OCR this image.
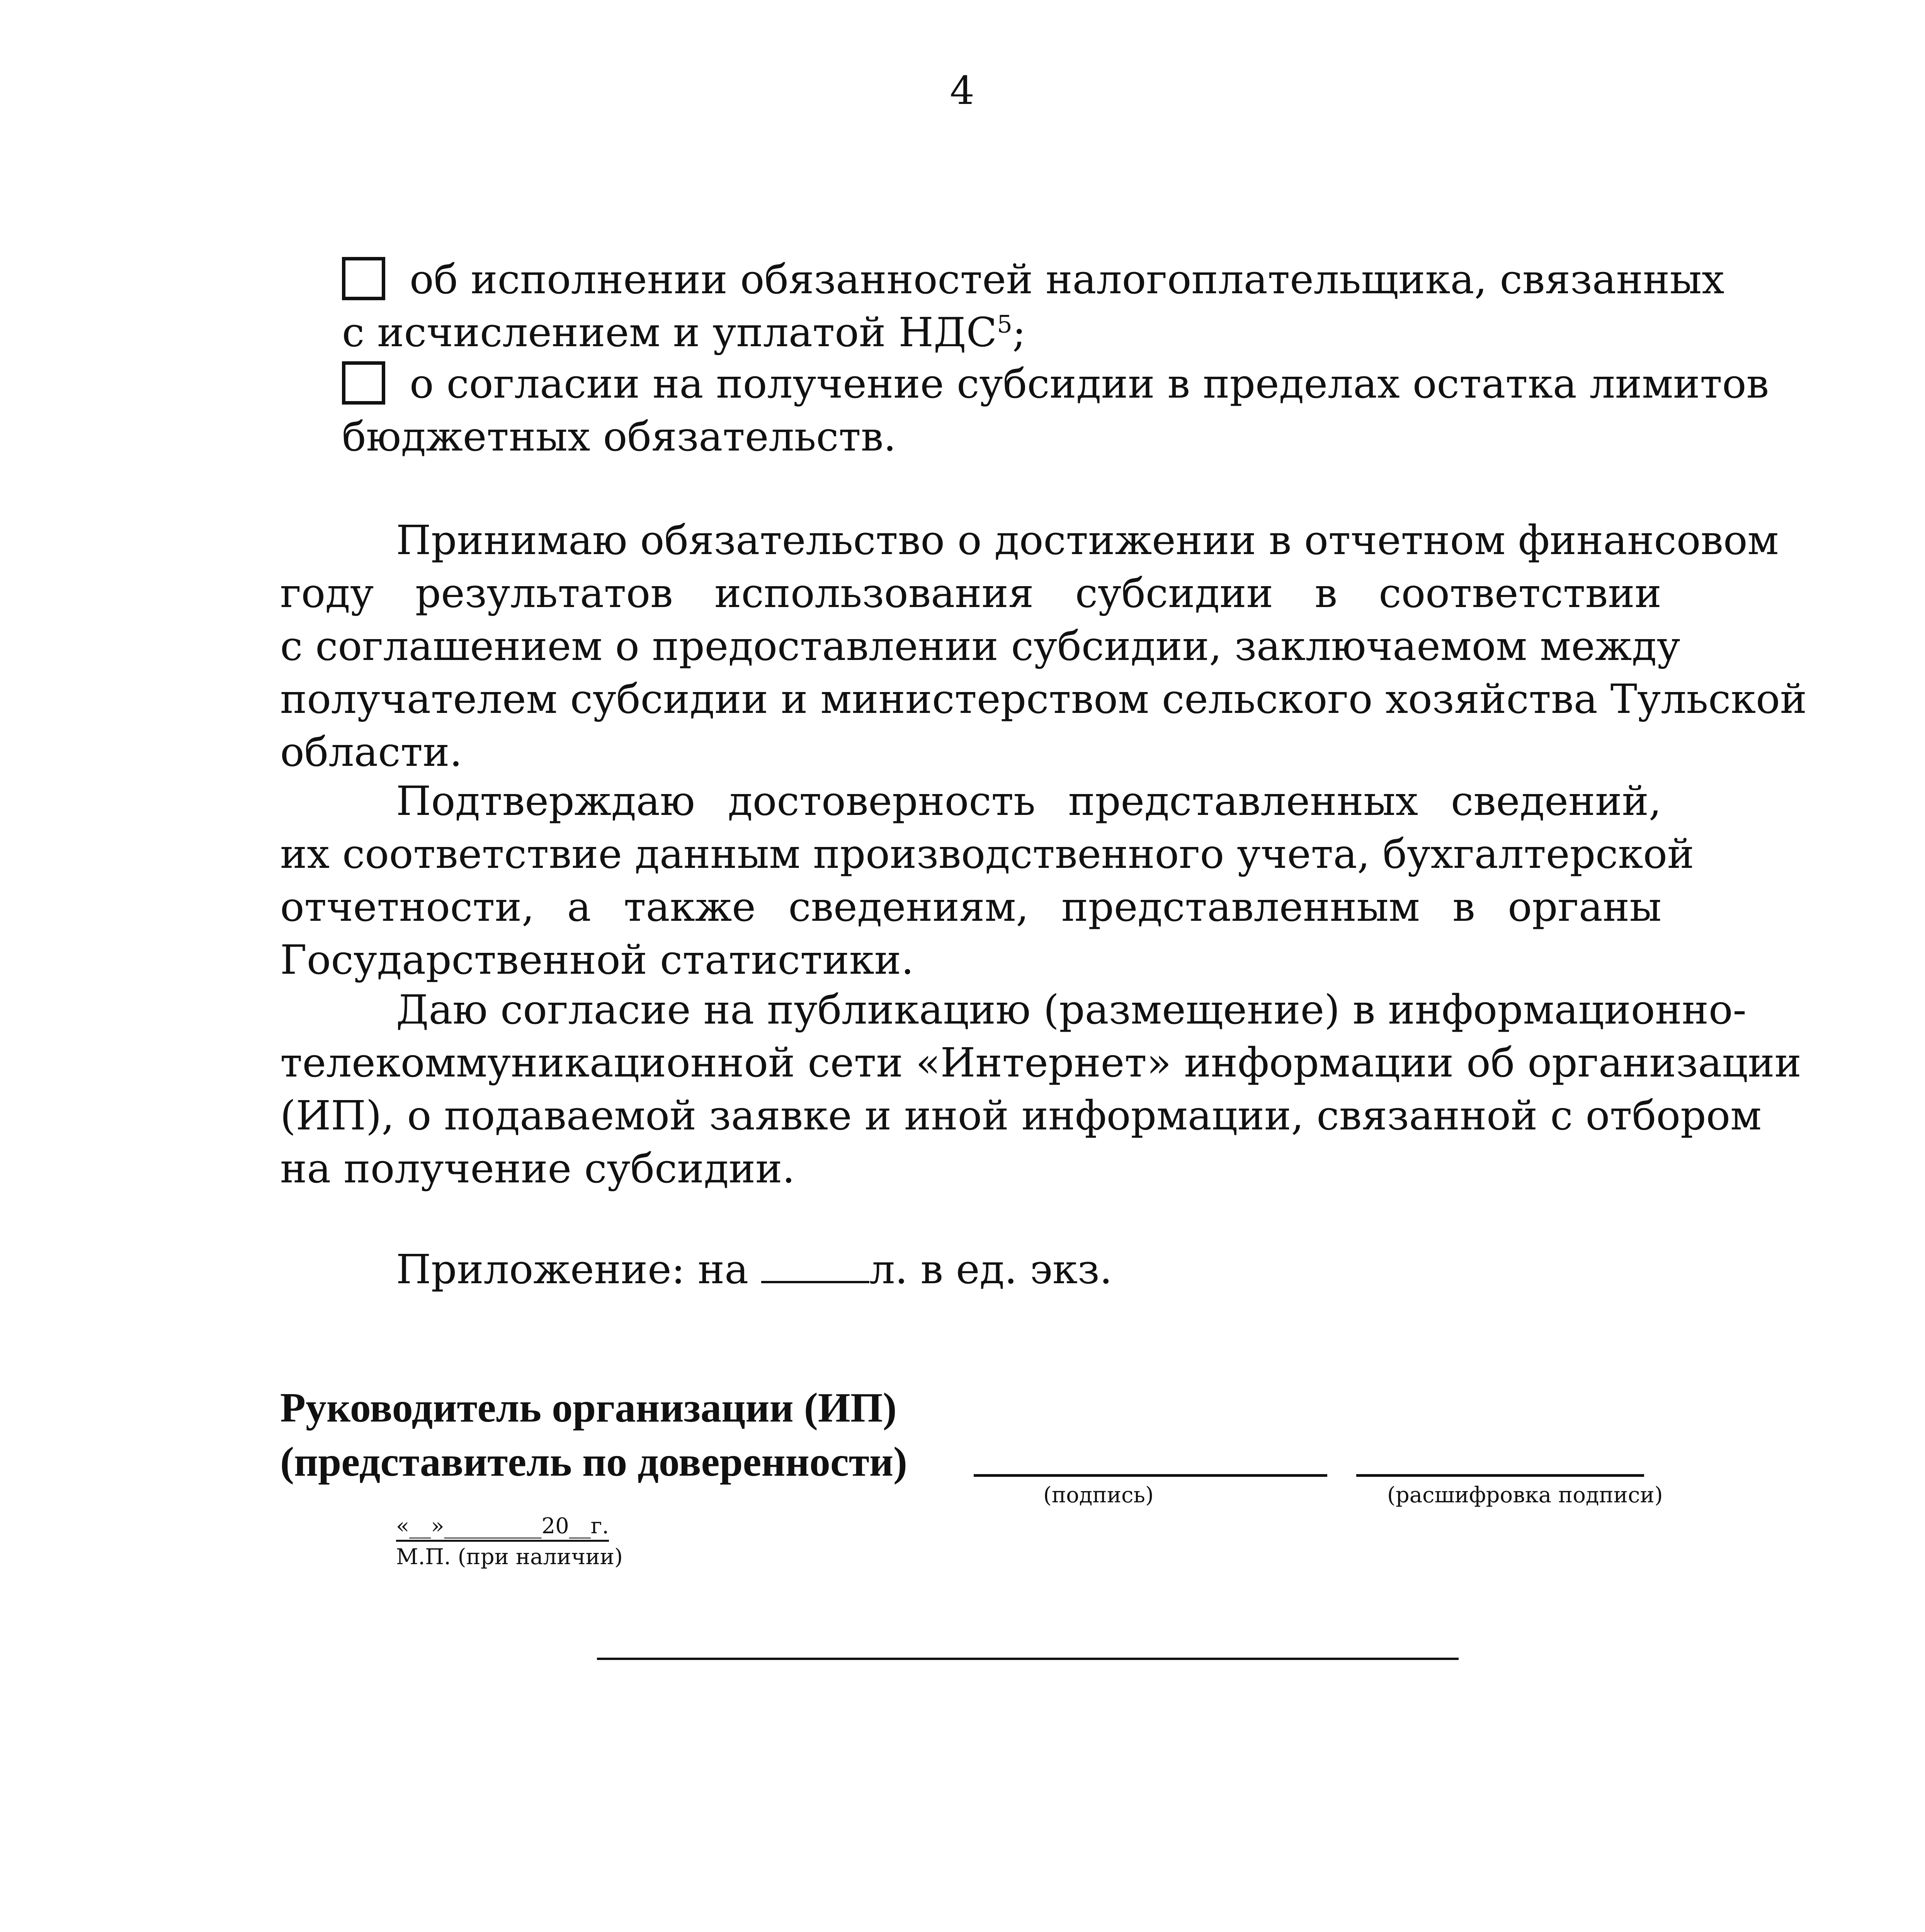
4
об исполнении обязанностей налогоплательщика, связанных
с исчислением и уплатой НДС$^5$;
о согласии на получение субсидии в пределах остатка лимитов
бюджетных обязательств.
Принимаю обязательство о достижении в отчетном финансовом
году результатов использования субсидии в соответствии
с соглашением о предоставлении субсидии, заключаемом между
получателем субсидии и министерством сельского хозяйства Тульской
области.
Подтверждаю достоверность представленных сведений,
их соответствие данным производственного учета, бухгалтерской
отчетности, а также сведениям, представленным в органы
Государственной статистики.
Даю согласие на публикацию (размещение) в информационно-
телекоммуникационной сети «Интернет» информации об организации
(ИП), о подаваемой заявке и иной информации, связанной с отбором
на получение субсидии.
Приложение: на	л. в ед. экз.
Руководитель организации (ИП)
(представитель по доверенности)
(подпись)	(расшифровка подписи)
«__»_________20__г.
М.П. (при наличии)
